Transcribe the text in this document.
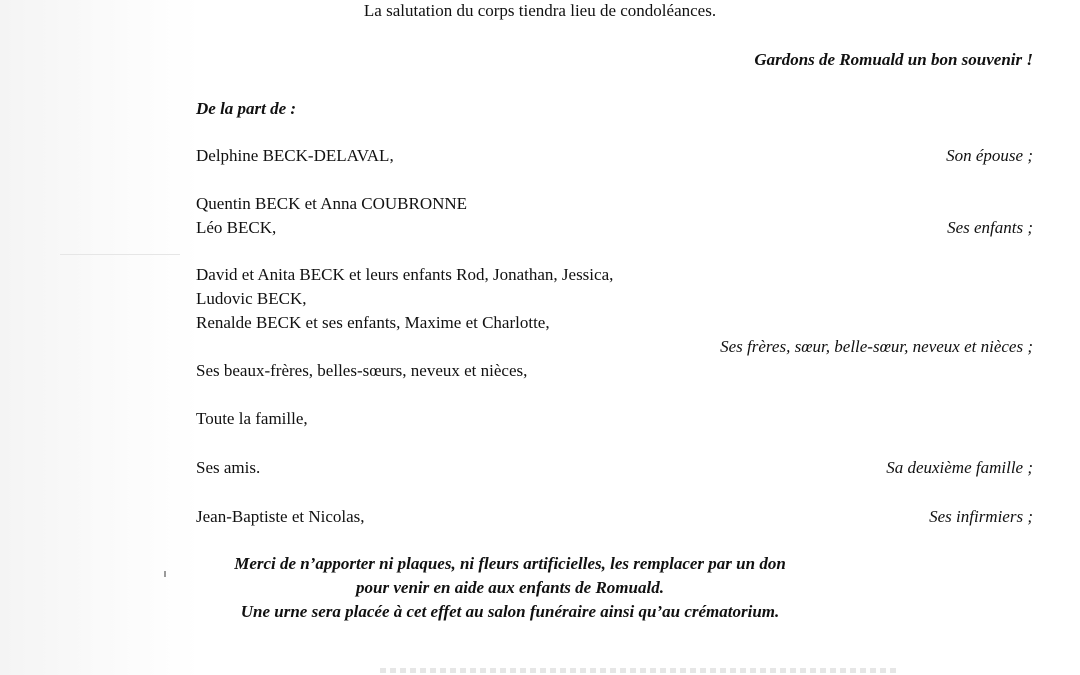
La salutation du corps tiendra lieu de condoléances.
Gardons de Romuald un bon souvenir !
De la part de :
Delphine BECK-DELAVAL,	Son épouse ;
Quentin BECK et Anna COUBRONNE
Léo BECK,	Ses enfants ;
David et Anita BECK et leurs enfants Rod, Jonathan, Jessica,
Ludovic BECK,
Renalde BECK et ses enfants, Maxime et Charlotte,
Ses frères, sœur, belle-sœur, neveux et nièces ;
Ses beaux-frères, belles-sœurs, neveux et nièces,
Toute la famille,
Ses amis.	Sa deuxième famille ;
Jean-Baptiste et Nicolas,	Ses infirmiers ;
Merci de n’apporter ni plaques, ni fleurs artificielles, les remplacer par un don
pour venir en aide aux enfants de Romuald.
Une urne sera placée à cet effet au salon funéraire ainsi qu’au crématorium.
